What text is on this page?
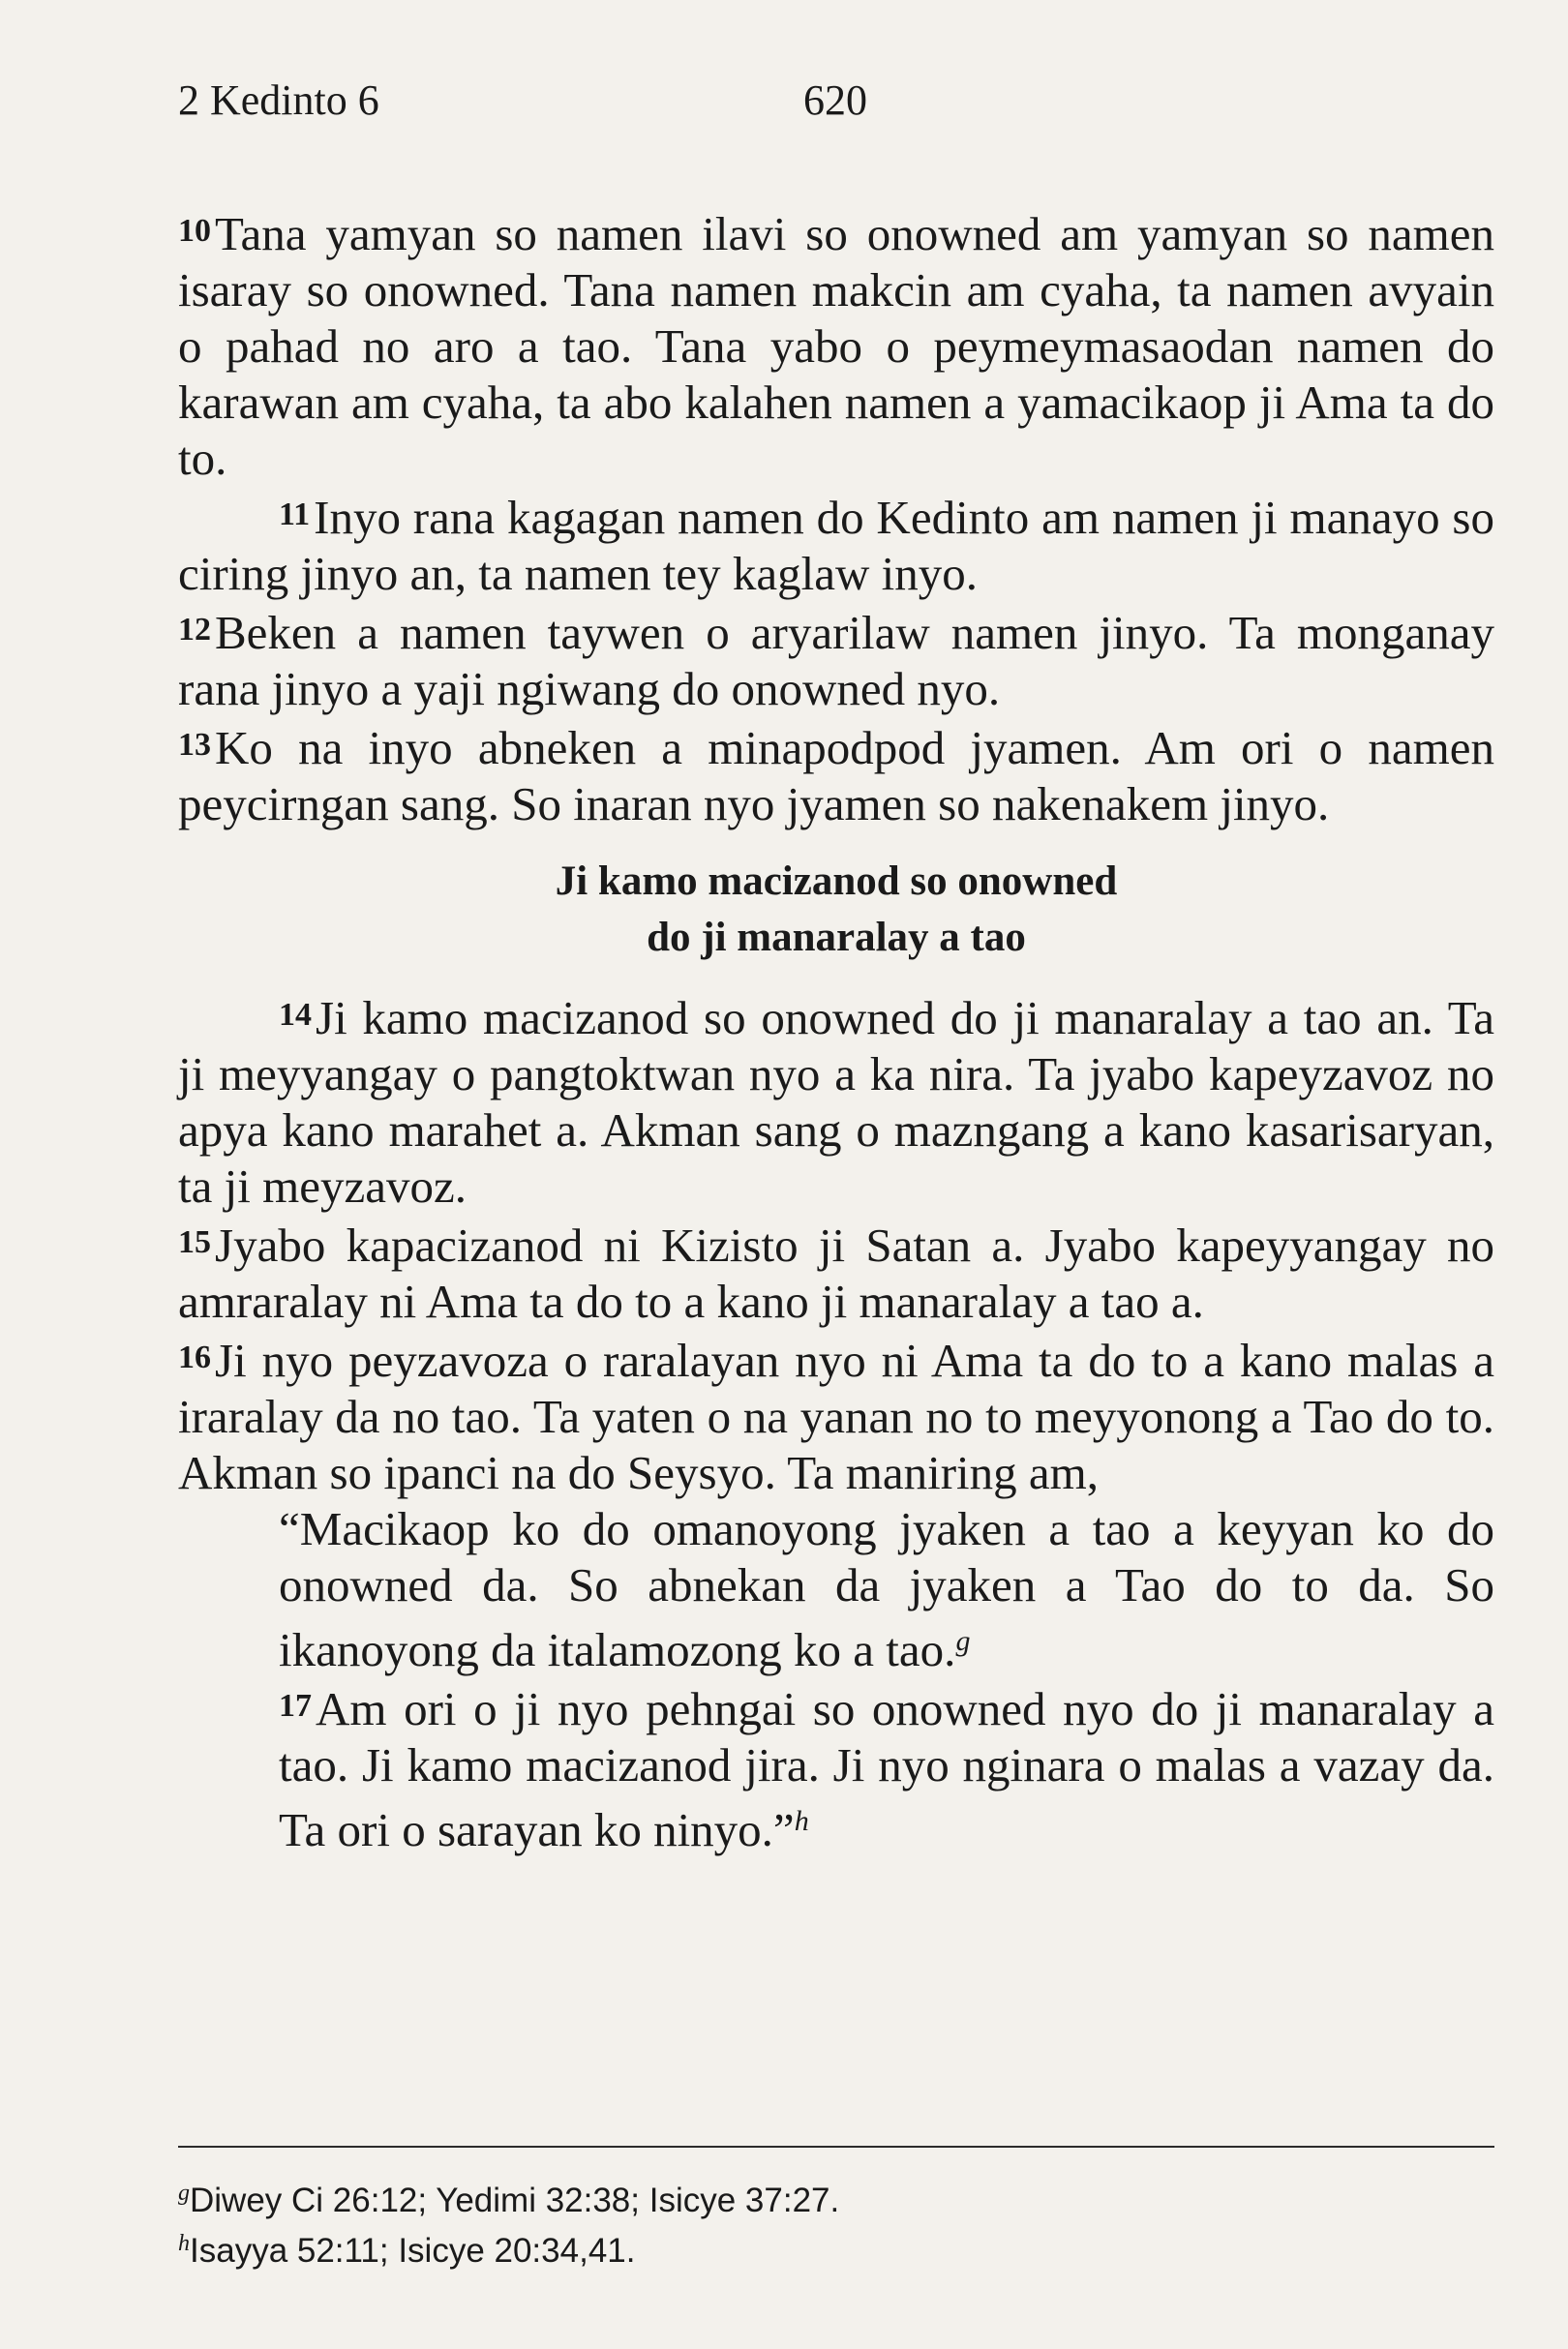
2 Kedinto 6	620

10Tana yamyan so namen ilavi so onowned am yamyan so namen isaray so onowned. Tana namen makcin am cyaha, ta namen avyain o pahad no aro a tao. Tana yabo o peymeymasaodan namen do karawan am cyaha, ta abo kalahen namen a yamacikaop ji Ama ta do to.

11Inyo rana kagagan namen do Kedinto am namen ji manayo so ciring jinyo an, ta namen tey kaglaw inyo.

12Beken a namen taywen o aryarilaw namen jinyo. Ta monganay rana jinyo a yaji ngiwang do onowned nyo.

13Ko na inyo abneken a minapodpod jyamen. Am ori o namen peycirngan sang. So inaran nyo jyamen so nakenakem jinyo.

Ji kamo macizanod so onowned
do ji manaralay a tao

14Ji kamo macizanod so onowned do ji manaralay a tao an. Ta ji meyyangay o pangtoktwan nyo a ka nira. Ta jyabo kapeyzavoz no apya kano marahet a. Akman sang o mazngang a kano kasarisaryan, ta ji meyzavoz.

15Jyabo kapacizanod ni Kizisto ji Satan a. Jyabo kapeyyangay no amraralay ni Ama ta do to a kano ji manaralay a tao a.

16Ji nyo peyzavoza o raralayan nyo ni Ama ta do to a kano malas a iraralay da no tao. Ta yaten o na yanan no to meyyonong a Tao do to. Akman so ipanci na do Seysyo. Ta maniring am,

“Macikaop ko do omanoyong jyaken a tao a keyyan ko do onowned da. So abnekan da jyaken a Tao do to da. So ikanoyong da italamozong ko a tao.$^g$

17Am ori o ji nyo pehngai so onowned nyo do ji manaralay a tao. Ji kamo macizanod jira. Ji nyo nginara o malas a vazay da. Ta ori o sarayan ko ninyo.”$^h$

$^g$Diwey Ci 26:12; Yedimi 32:38; Isicye 37:27.
$^h$Isayya 52:11; Isicye 20:34,41.
